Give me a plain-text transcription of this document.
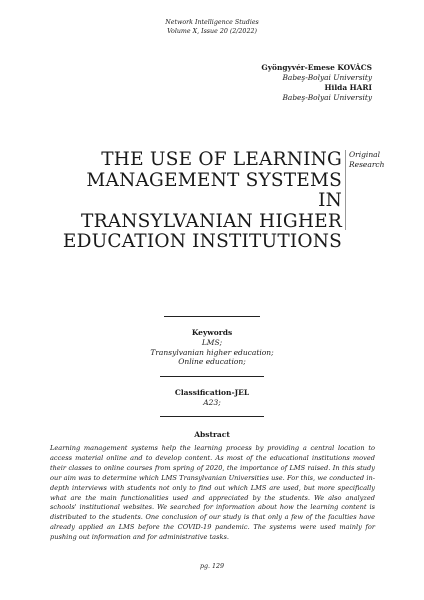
Network Intelligence Studies
Volume X, Issue 20 (2/2022)
Gyöngyvér-Emese KOVÁCS
Babeş-Bolyai University
Hilda HARI
Babeş-Bolyai University
THE USE OF LEARNING
MANAGEMENT SYSTEMS IN
TRANSYLVANIAN HIGHER
EDUCATION INSTITUTIONS
Original
Research
Keywords
LMS;
Transylvanian higher education;
Online education;
Classification-JEL
A23;
Abstract
Learning management systems help the learning process by providing a central location to access material online and to develop content. As most of the educational institutions moved their classes to online courses from spring of 2020, the importance of LMS raised. In this study our aim was to determine which LMS Transylvanian Universities use. For this, we conducted in-depth interviews with students not only to find out which LMS are used, but more specifically what are the main functionalities used and appreciated by the students. We also analyzed schools' institutional websites. We searched for information about how the learning content is distributed to the students. One conclusion of our study is that only a few of the faculties have already applied an LMS before the COVID-19 pandemic. The systems were used mainly for pushing out information and for administrative tasks.
pg. 129
